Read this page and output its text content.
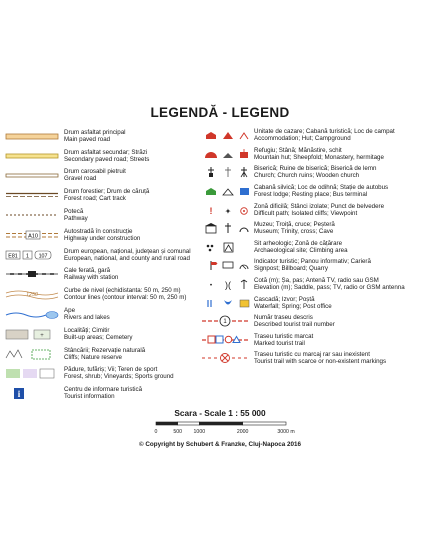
LEGENDĂ - LEGEND
Drum asfaltat principal
Main paved road
Drum asfaltat secundar; Străzi
Secondary paved road; Streets
Drum carosabil pietruit
Gravel road
Drum forestier; Drum de căruță
Forest road; Cart track
Potecă
Pathway
A10
Autostradă în construcție
Highway under construction
E81 1 107
Drum european, național, județean și comunal
European, national, and county and rural road
Cale ferată, gară
Railway with station
1250
Curbe de nivel (echidistanta: 50 m, 250 m)
Contour lines (contour interval: 50 m, 250 m)
Ape
Rivers and lakes
+
Localități; Cimitir
Built-up areas; Cemetery
Stâncării; Rezervație naturală
Cliffs; Nature reserve
Pădure, tufăriș; Vii; Teren de sport
Forest, shrub; Vineyards; Sports ground
i	Centru de informare turistică
Tourist information
Unitate de cazare; Cabană turistică; Loc de campat
Accommodation; Hut; Campground
Refugiu; Stână; Mănăstire, schit
Mountain hut; Sheepfold; Monastery, hermitage
Biserică; Ruine de biserică; Biserică de lemn
Church; Church ruins; Wooden church
Cabană silvică; Loc de odihnă; Stație de autobus
Forest lodge; Resting place; Bus terminal
! ✦
Zonă dificilă; Stânci izolate; Punct de belvedere
Difficult path; Isolated cliffs; Viewpoint
Muzeu; Troiță, cruce; Peșteră
Museum; Trinity, cross; Cave
Sit arheologic; Zonă de cățărare
Archaeological site; Climbing area
Indicator turistic; Panou informativ; Carieră
Signpost; Billboard; Quarry
• )(	Cotă (m); Șa, pas; Antenă TV, radio sau GSM
Elevation (m); Saddle, pass; TV, radio or GSM antenna
Cascadă; Izvor; Poștă
Waterfall; Spring; Post office
1
Număr traseu descris
Described tourist trail number
Traseu turistic marcat
Marked tourist trail
Traseu turistic cu marcaj rar sau inexistent
Tourist trail with scarce or non-existent markings
Scara - Scale 1 : 55 000
0	500 1000	2000	3000 m
© Copyright by Schubert & Franzke, Cluj-Napoca 2016
